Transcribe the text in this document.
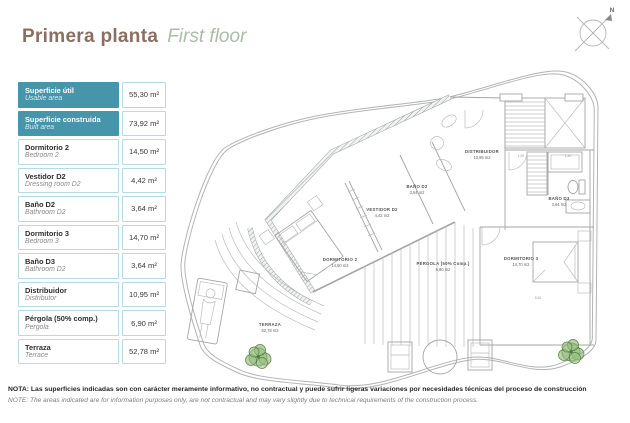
N
DISTRIBUIDOR
10,95 m2
BAÑO D2
3,64 m2
VESTIDOR D2
4,42 m2
DORMITORIO 2
14,50 m2
BAÑO D3
3,64 m2
DORMITORIO 3
14,70 m2
PÉRGOLA (50% Comp.)
6,90 m2
TERRAZA
52,78 m2
1,90	1,40
5,30
Primera planta First floor
Superficie útil
Usable area	55,30 m²
Superficie construida
Built area	73,92 m²
Dormitorio 2
Bedroom 2	14,50 m²
Vestidor D2
Dressing room D2	4,42 m²
Baño D2
Bathroom D2	3,64 m²
Dormitorio 3
Bedroom 3	14,70 m²
Baño D3
Bathroom D2	3,64 m²
Distribuidor
Distributor	10,95 m²
Pérgola (50% comp.)
Pergola	6,90 m²
Terraza
Terrace	52,78 m²
NOTA: Las superficies indicadas son con carácter meramente informativo, no contractual y puede sufrir ligeras variaciones por necesidades técnicas del proceso de construcción
NOTE: The areas indicated are for information purposes only, are not contractual and may vary slightly due to technical requirements of the construction process.
